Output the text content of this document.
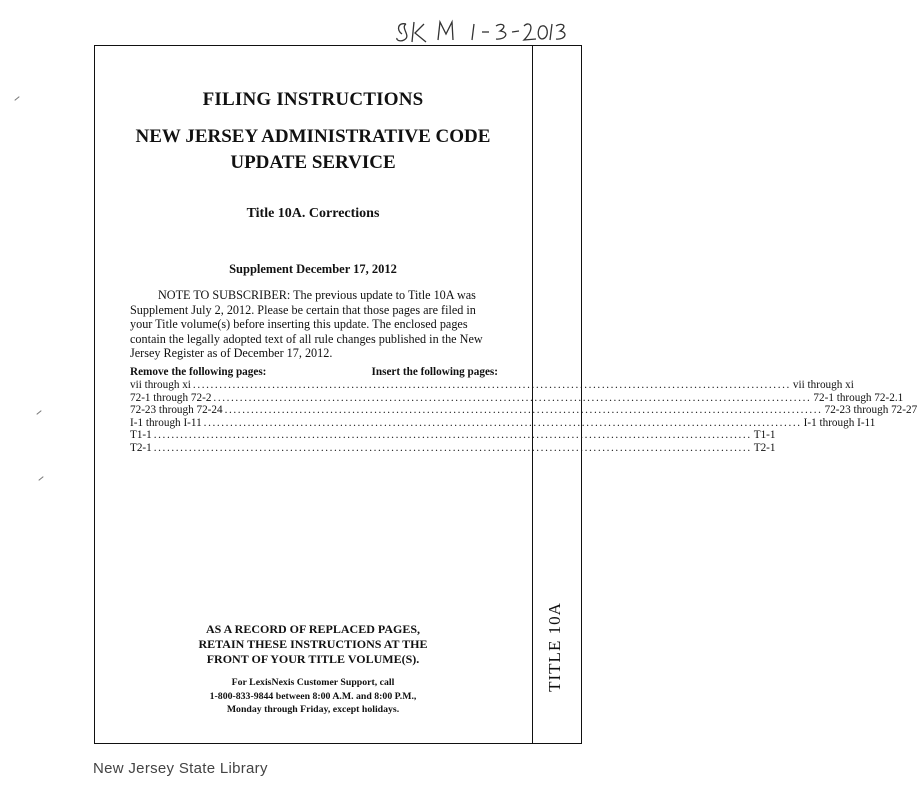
TITLE 10A
FILING INSTRUCTIONS
NEW JERSEY ADMINISTRATIVE CODE
UPDATE SERVICE
Title 10A. Corrections
Supplement December 17, 2012
NOTE TO SUBSCRIBER: The previous update to Title 10A was
Supplement July 2, 2012. Please be certain that those pages are filed in
your Title volume(s) before inserting this update. The enclosed pages
contain the legally adopted text of all rule changes published in the New
Jersey Register as of December 17, 2012.
Remove the following pages:	Insert the following pages:
vii through xi ........................................................................................................................................ vii through xi
72-1 through 72-2 ........................................................................................................................................ 72-1 through 72-2.1
72-23 through 72-24 ........................................................................................................................................ 72-23 through 72-27
I-1 through I-11 ........................................................................................................................................ I-1 through I-11
T1-1 ........................................................................................................................................ T1-1
T2-1 ........................................................................................................................................ T2-1
AS A RECORD OF REPLACED PAGES,
RETAIN THESE INSTRUCTIONS AT THE
FRONT OF YOUR TITLE VOLUME(S).
For LexisNexis Customer Support, call
1-800-833-9844 between 8:00 A.M. and 8:00 P.M.,
Monday through Friday, except holidays.
New Jersey State Library
